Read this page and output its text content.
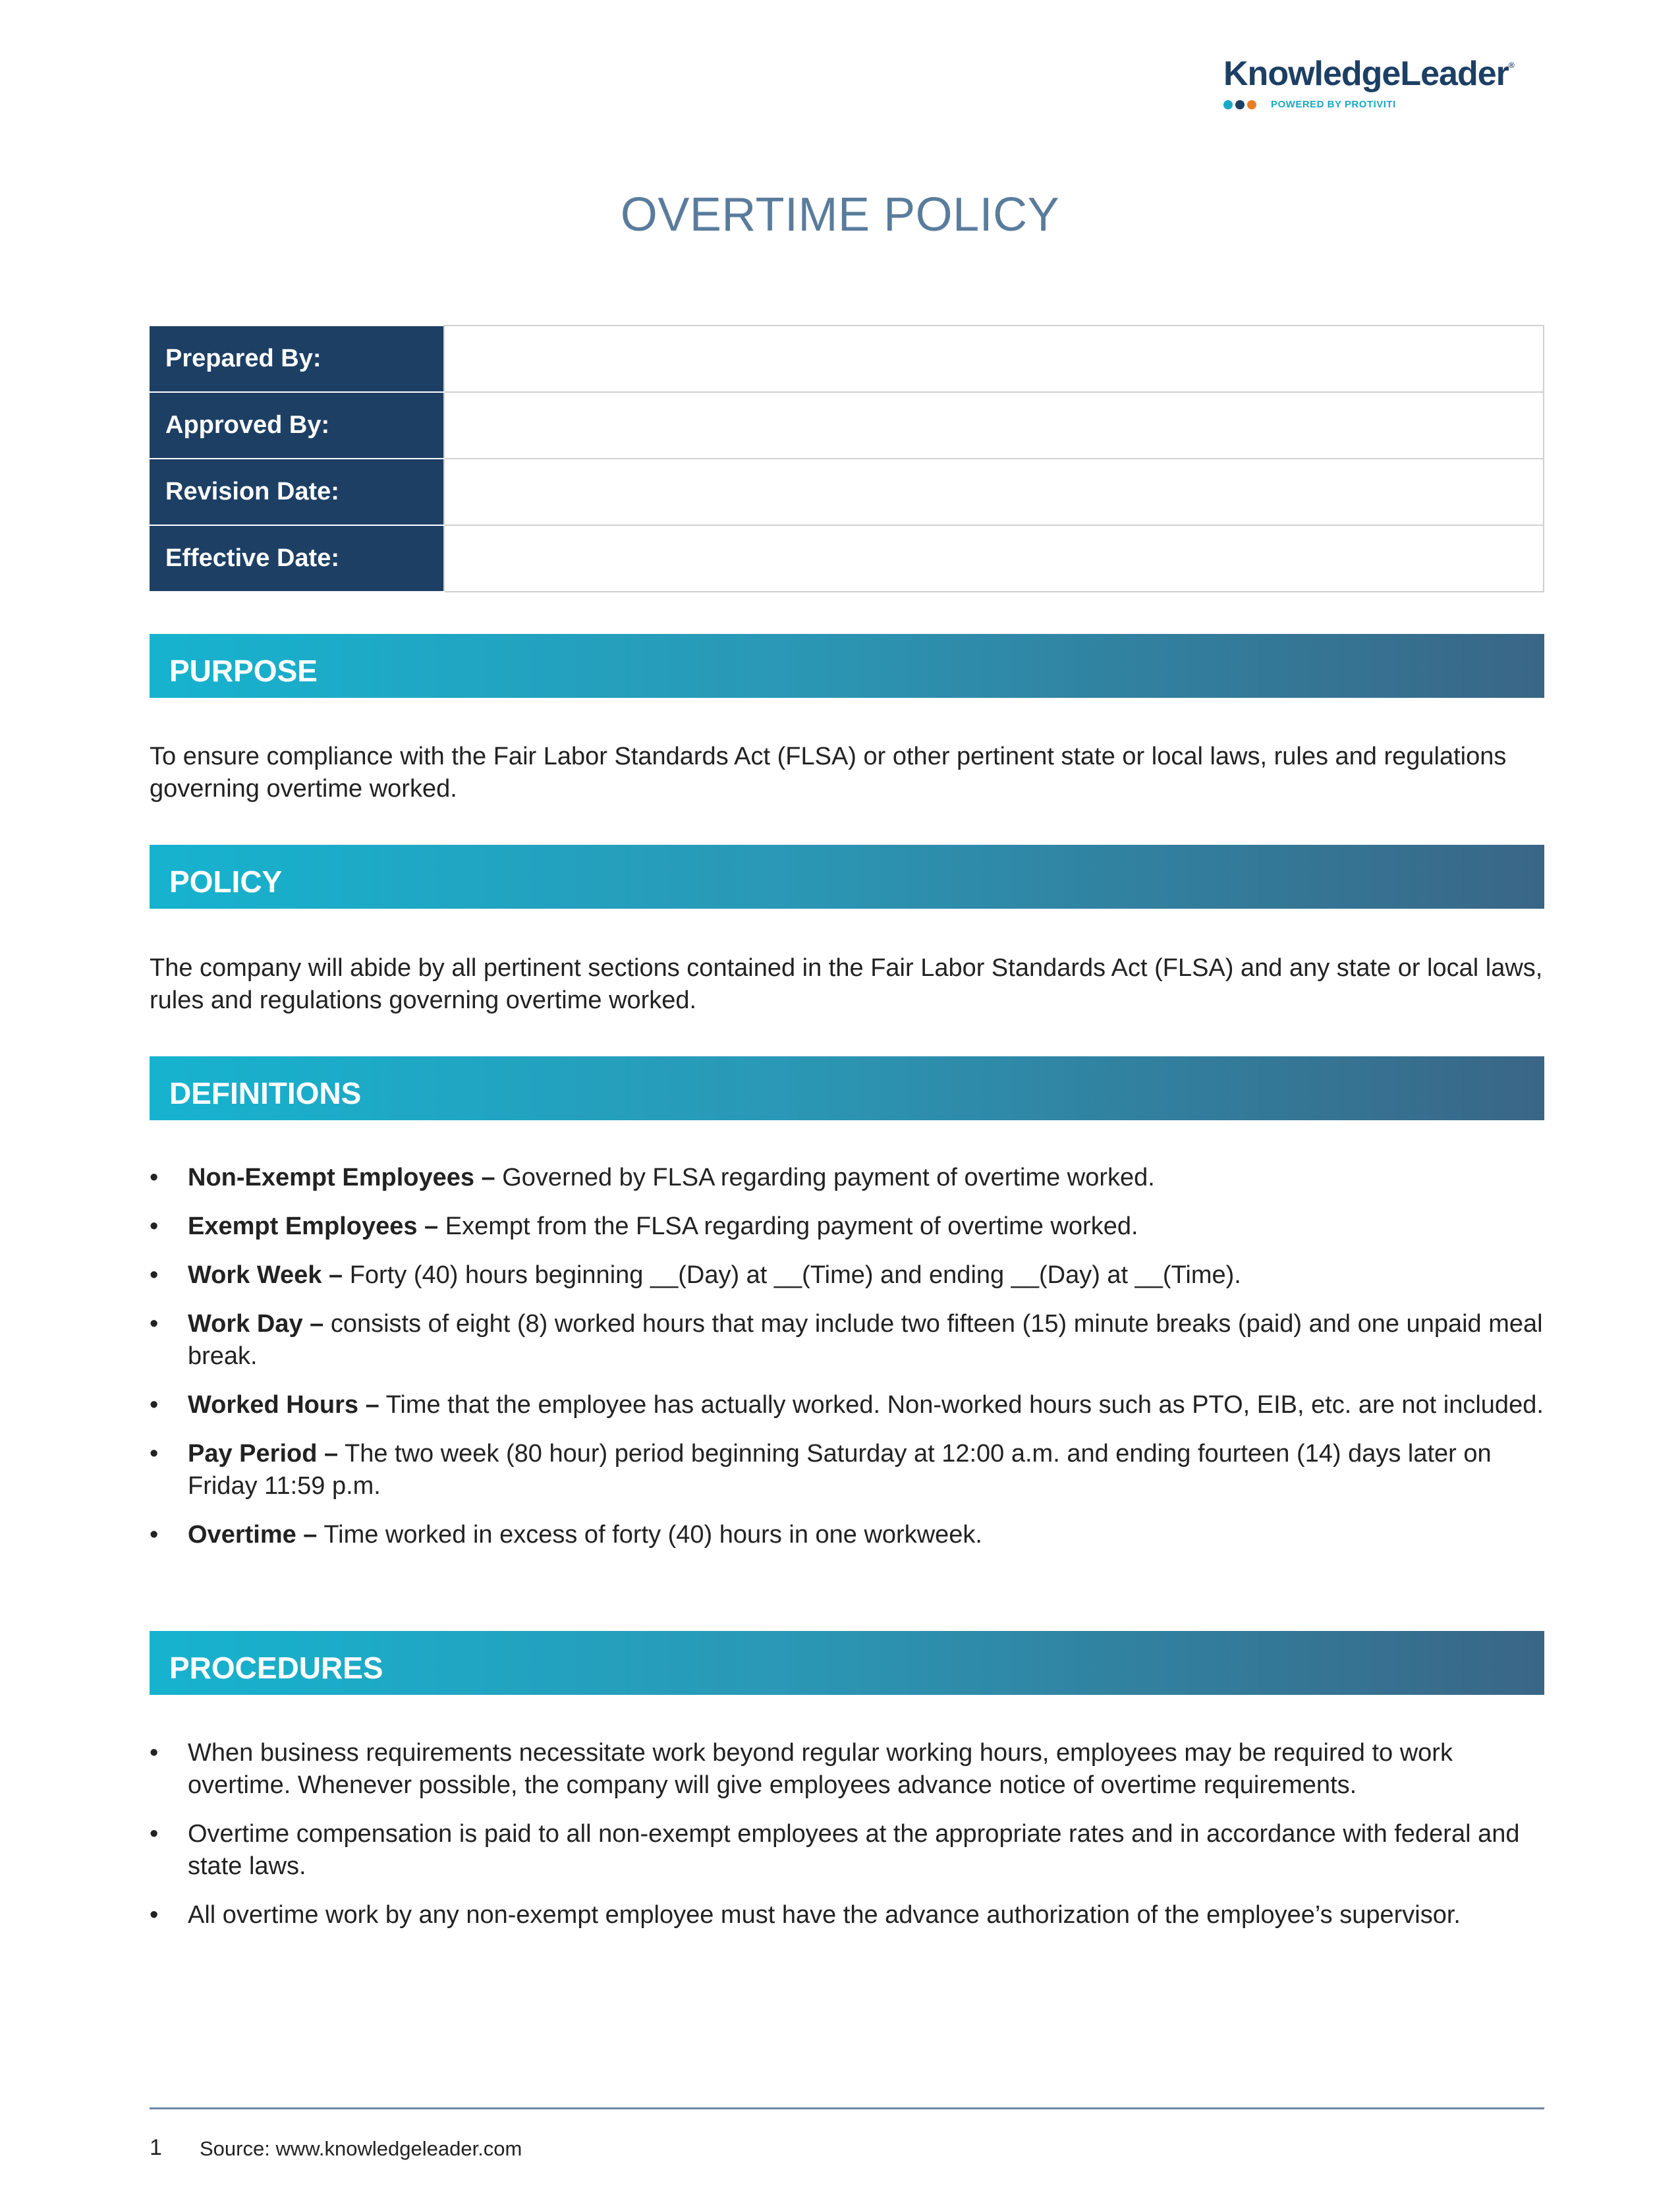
KnowledgeLeader®
POWERED BY PROTIVITI
OVERTIME POLICY
Prepared By:	
Approved By:	
Revision Date:	
Effective Date:	
PURPOSE

To ensure compliance with the Fair Labor Standards Act (FLSA) or other pertinent state or local laws, rules and regulations governing overtime worked.

POLICY

The company will abide by all pertinent sections contained in the Fair Labor Standards Act (FLSA) and any state or local laws, rules and regulations governing overtime worked.

DEFINITIONS
• Non-Exempt Employees – Governed by FLSA regarding payment of overtime worked.
• Exempt Employees – Exempt from the FLSA regarding payment of overtime worked.
• Work Week – Forty (40) hours beginning __(Day) at __(Time) and ending __(Day) at __(Time).
• Work Day – consists of eight (8) worked hours that may include two fifteen (15) minute breaks (paid) and one unpaid meal break.
• Worked Hours – Time that the employee has actually worked. Non-worked hours such as PTO, EIB, etc. are not included.
• Pay Period – The two week (80 hour) period beginning Saturday at 12:00 a.m. and ending fourteen (14) days later on Friday 11:59 p.m.
• Overtime – Time worked in excess of forty (40) hours in one workweek.
PROCEDURES
• When business requirements necessitate work beyond regular working hours, employees may be required to work overtime. Whenever possible, the company will give employees advance notice of overtime requirements.
• Overtime compensation is paid to all non-exempt employees at the appropriate rates and in accordance with federal and state laws.
• All overtime work by any non-exempt employee must have the advance authorization of the employee’s supervisor.
1 Source: www.knowledgeleader.com
